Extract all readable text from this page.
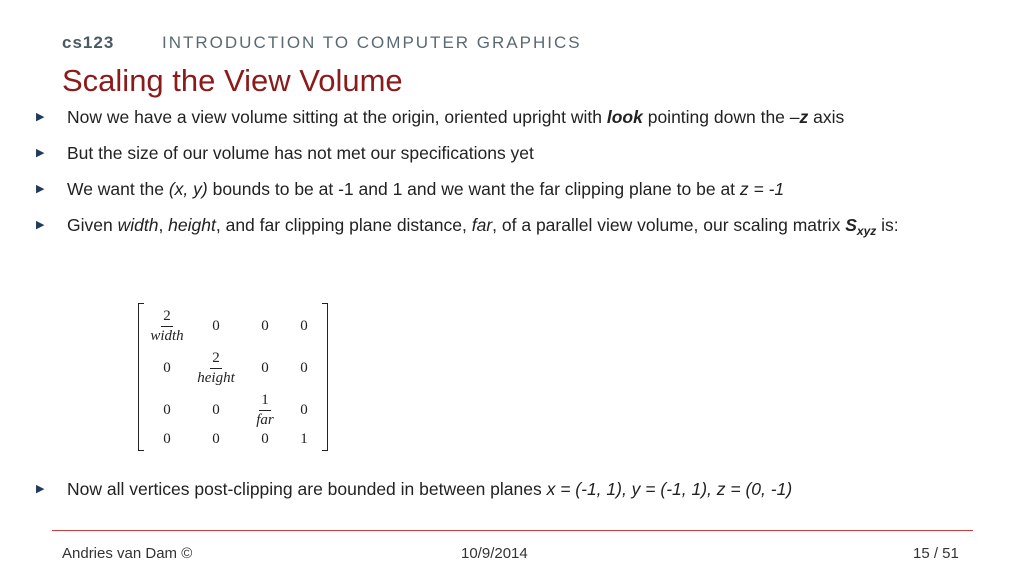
cs123	INTRODUCTION TO COMPUTER GRAPHICS
Scaling the View Volume
▶ Now we have a view volume sitting at the origin, oriented upright with look pointing down the –z axis
▶ But the size of our volume has not met our specifications yet
▶ We want the (x, y) bounds to be at -1 and 1 and we want the far clipping plane to be at z = -1
▶ Given width, height, and far clipping plane distance, far, of a parallel view volume, our scaling matrix $S_{xyz}$ is:
$\frac{2}{\text{width}}$	0	0	0
0	$\frac{2}{\text{height}}$	0	0
0	0	$\frac{1}{\text{far}}$	0
0	0	0	1
▶ Now all vertices post-clipping are bounded in between planes x = (-1, 1), y = (-1, 1), z = (0, -1)
Andries van Dam ©	10/9/2014	15 / 51
